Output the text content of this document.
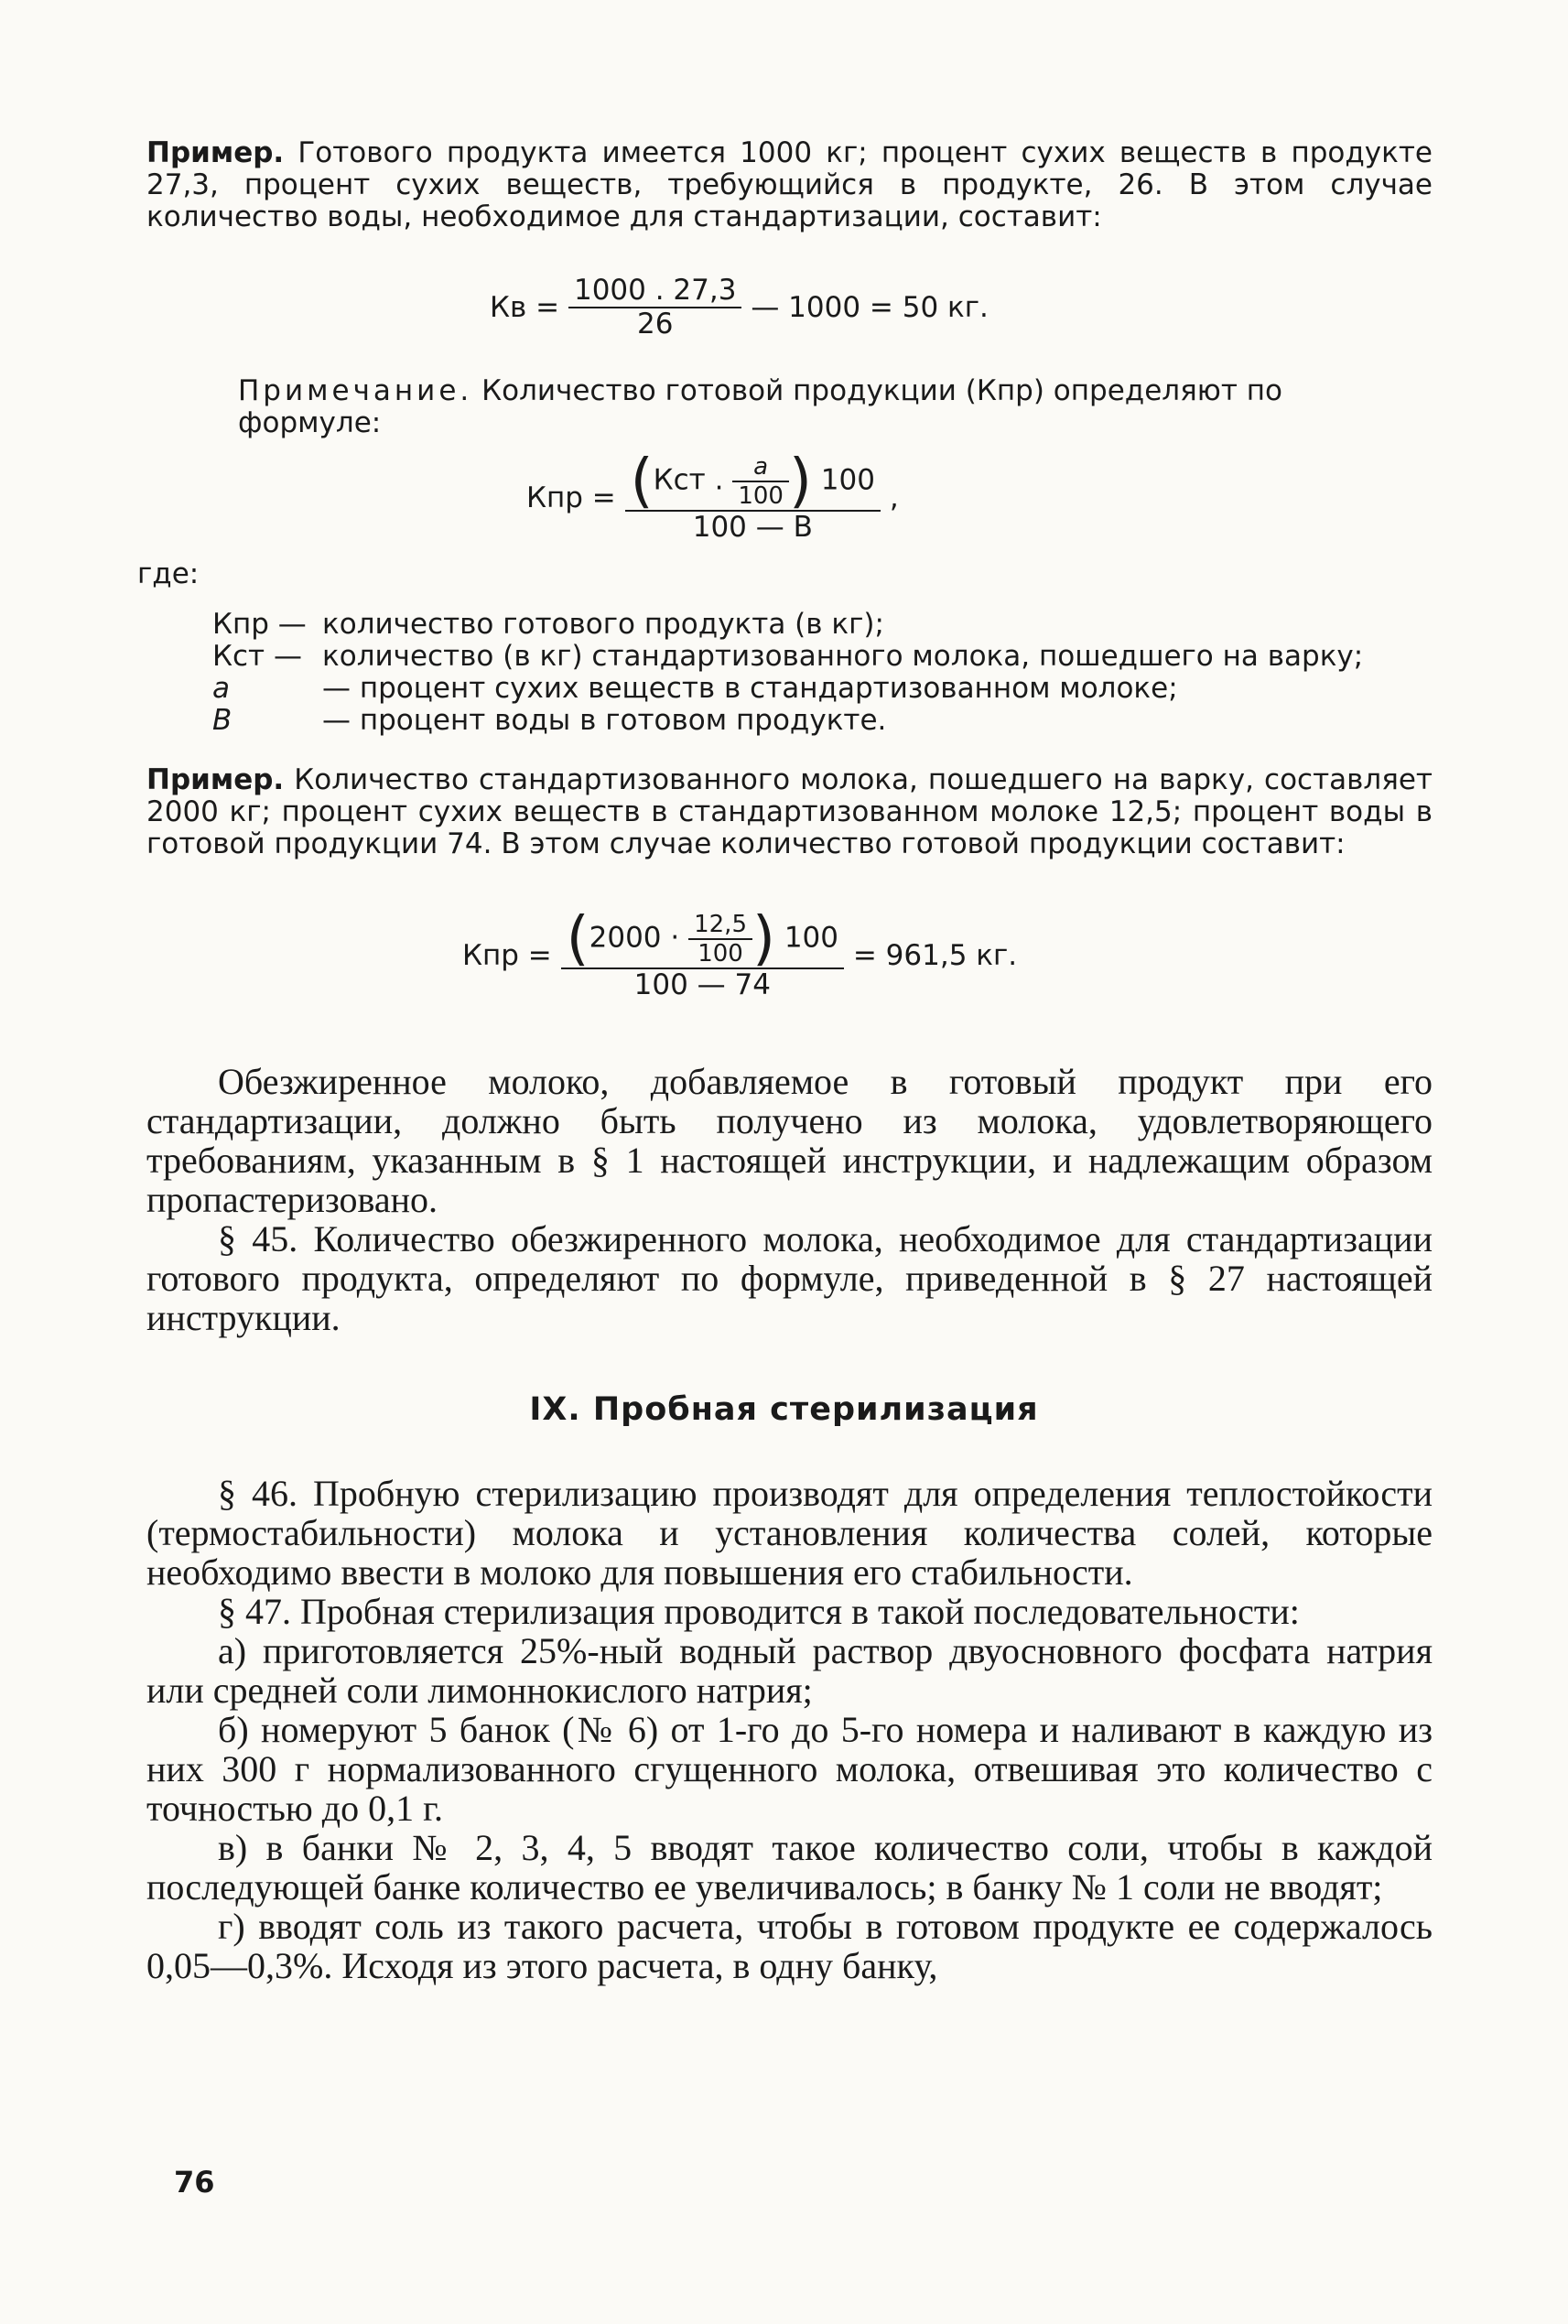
Пример. Готового продукта имеется 1000 кг; процент сухих веществ в продукте 27,3, процент сухих веществ, требующийся в продукте, 26. В этом случае количество воды, необходимое для стандартизации, составит:

Кв = $\frac{1000 . 27,3}{26}$ — 1000 = 50 кг.

Примечание. Количество готовой продукции (Кпр) определяют по формуле:

Кпр = (Кст . $\frac{a}{100}$ ) 100
100 — B
,
где:
Кпр — количество готового продукта (в кг);
Кст — количество (в кг) стандартизованного молока, пошедшего на варку;
a	— процент сухих веществ в стандартизованном молоке;
B	— процент воды в готовом продукте.

Пример. Количество стандартизованного молока, пошедшего на варку, составляет 2000 кг; процент сухих веществ в стандартизованном молоке 12,5; процент воды в готовой продукции 74. В этом случае количество готовой продукции составит:

Кпр = ($2000 \cdot \frac{12,5}{100}$ ) 100
100 — 74
= 961,5 кг.

Обезжиренное молоко, добавляемое в готовый продукт при его стандартизации, должно быть получено из молока, удовлетворяющего требованиям, указанным в § 1 настоящей инструкции, и надлежащим образом пропастеризовано.

§ 45. Количество обезжиренного молока, необходимое для стандартизации готового продукта, определяют по формуле, приведенной в § 27 настоящей инструкции.

IX. Пробная стерилизация

§ 46. Пробную стерилизацию производят для определения теплостойкости (термостабильности) молока и установления количества солей, которые необходимо ввести в молоко для повышения его стабильности.

§ 47. Пробная стерилизация проводится в такой последовательности:

а) приготовляется 25%-ный водный раствор двуосновного фосфата натрия или средней соли лимоннокислого натрия;

б) номеруют 5 банок (№ 6) от 1-го до 5-го номера и наливают в каждую из них 300 г нормализованного сгущенного молока, отвешивая это количество с точностью до 0,1 г.

в) в банки № 2, 3, 4, 5 вводят такое количество соли, чтобы в каждой последующей банке количество ее увеличивалось; в банку № 1 соли не вводят;

г) вводят соль из такого расчета, чтобы в готовом продукте ее содержалось 0,05—0,3%. Исходя из этого расчета, в одну банку,

76
